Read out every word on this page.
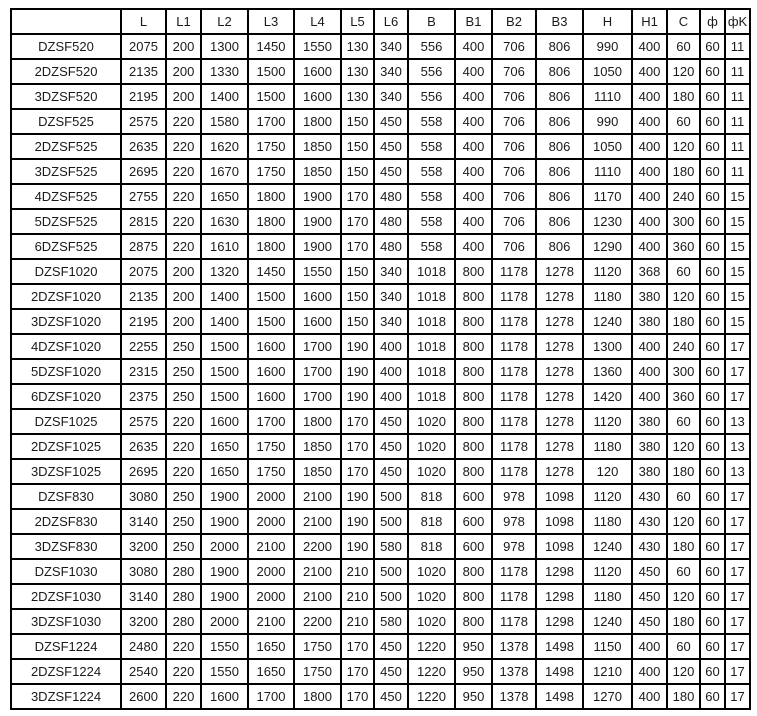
	L	L1	L2	L3	L4	L5	L6	B	B1	B2	B3	H	H1	C	ф	фK
DZSF520	2075	200	1300	1450	1550	130	340	556	400	706	806	990	400	60	60	11
2DZSF520	2135	200	1330	1500	1600	130	340	556	400	706	806	1050	400	120	60	11
3DZSF520	2195	200	1400	1500	1600	130	340	556	400	706	806	1110	400	180	60	11
DZSF525	2575	220	1580	1700	1800	150	450	558	400	706	806	990	400	60	60	11
2DZSF525	2635	220	1620	1750	1850	150	450	558	400	706	806	1050	400	120	60	11
3DZSF525	2695	220	1670	1750	1850	150	450	558	400	706	806	1110	400	180	60	11
4DZSF525	2755	220	1650	1800	1900	170	480	558	400	706	806	1170	400	240	60	15
5DZSF525	2815	220	1630	1800	1900	170	480	558	400	706	806	1230	400	300	60	15
6DZSF525	2875	220	1610	1800	1900	170	480	558	400	706	806	1290	400	360	60	15
DZSF1020	2075	200	1320	1450	1550	150	340	1018	800	1178	1278	1120	368	60	60	15
2DZSF1020	2135	200	1400	1500	1600	150	340	1018	800	1178	1278	1180	380	120	60	15
3DZSF1020	2195	200	1400	1500	1600	150	340	1018	800	1178	1278	1240	380	180	60	15
4DZSF1020	2255	250	1500	1600	1700	190	400	1018	800	1178	1278	1300	400	240	60	17
5DZSF1020	2315	250	1500	1600	1700	190	400	1018	800	1178	1278	1360	400	300	60	17
6DZSF1020	2375	250	1500	1600	1700	190	400	1018	800	1178	1278	1420	400	360	60	17
DZSF1025	2575	220	1600	1700	1800	170	450	1020	800	1178	1278	1120	380	60	60	13
2DZSF1025	2635	220	1650	1750	1850	170	450	1020	800	1178	1278	1180	380	120	60	13
3DZSF1025	2695	220	1650	1750	1850	170	450	1020	800	1178	1278	120	380	180	60	13
DZSF830	3080	250	1900	2000	2100	190	500	818	600	978	1098	1120	430	60	60	17
2DZSF830	3140	250	1900	2000	2100	190	500	818	600	978	1098	1180	430	120	60	17
3DZSF830	3200	250	2000	2100	2200	190	580	818	600	978	1098	1240	430	180	60	17
DZSF1030	3080	280	1900	2000	2100	210	500	1020	800	1178	1298	1120	450	60	60	17
2DZSF1030	3140	280	1900	2000	2100	210	500	1020	800	1178	1298	1180	450	120	60	17
3DZSF1030	3200	280	2000	2100	2200	210	580	1020	800	1178	1298	1240	450	180	60	17
DZSF1224	2480	220	1550	1650	1750	170	450	1220	950	1378	1498	1150	400	60	60	17
2DZSF1224	2540	220	1550	1650	1750	170	450	1220	950	1378	1498	1210	400	120	60	17
3DZSF1224	2600	220	1600	1700	1800	170	450	1220	950	1378	1498	1270	400	180	60	17
